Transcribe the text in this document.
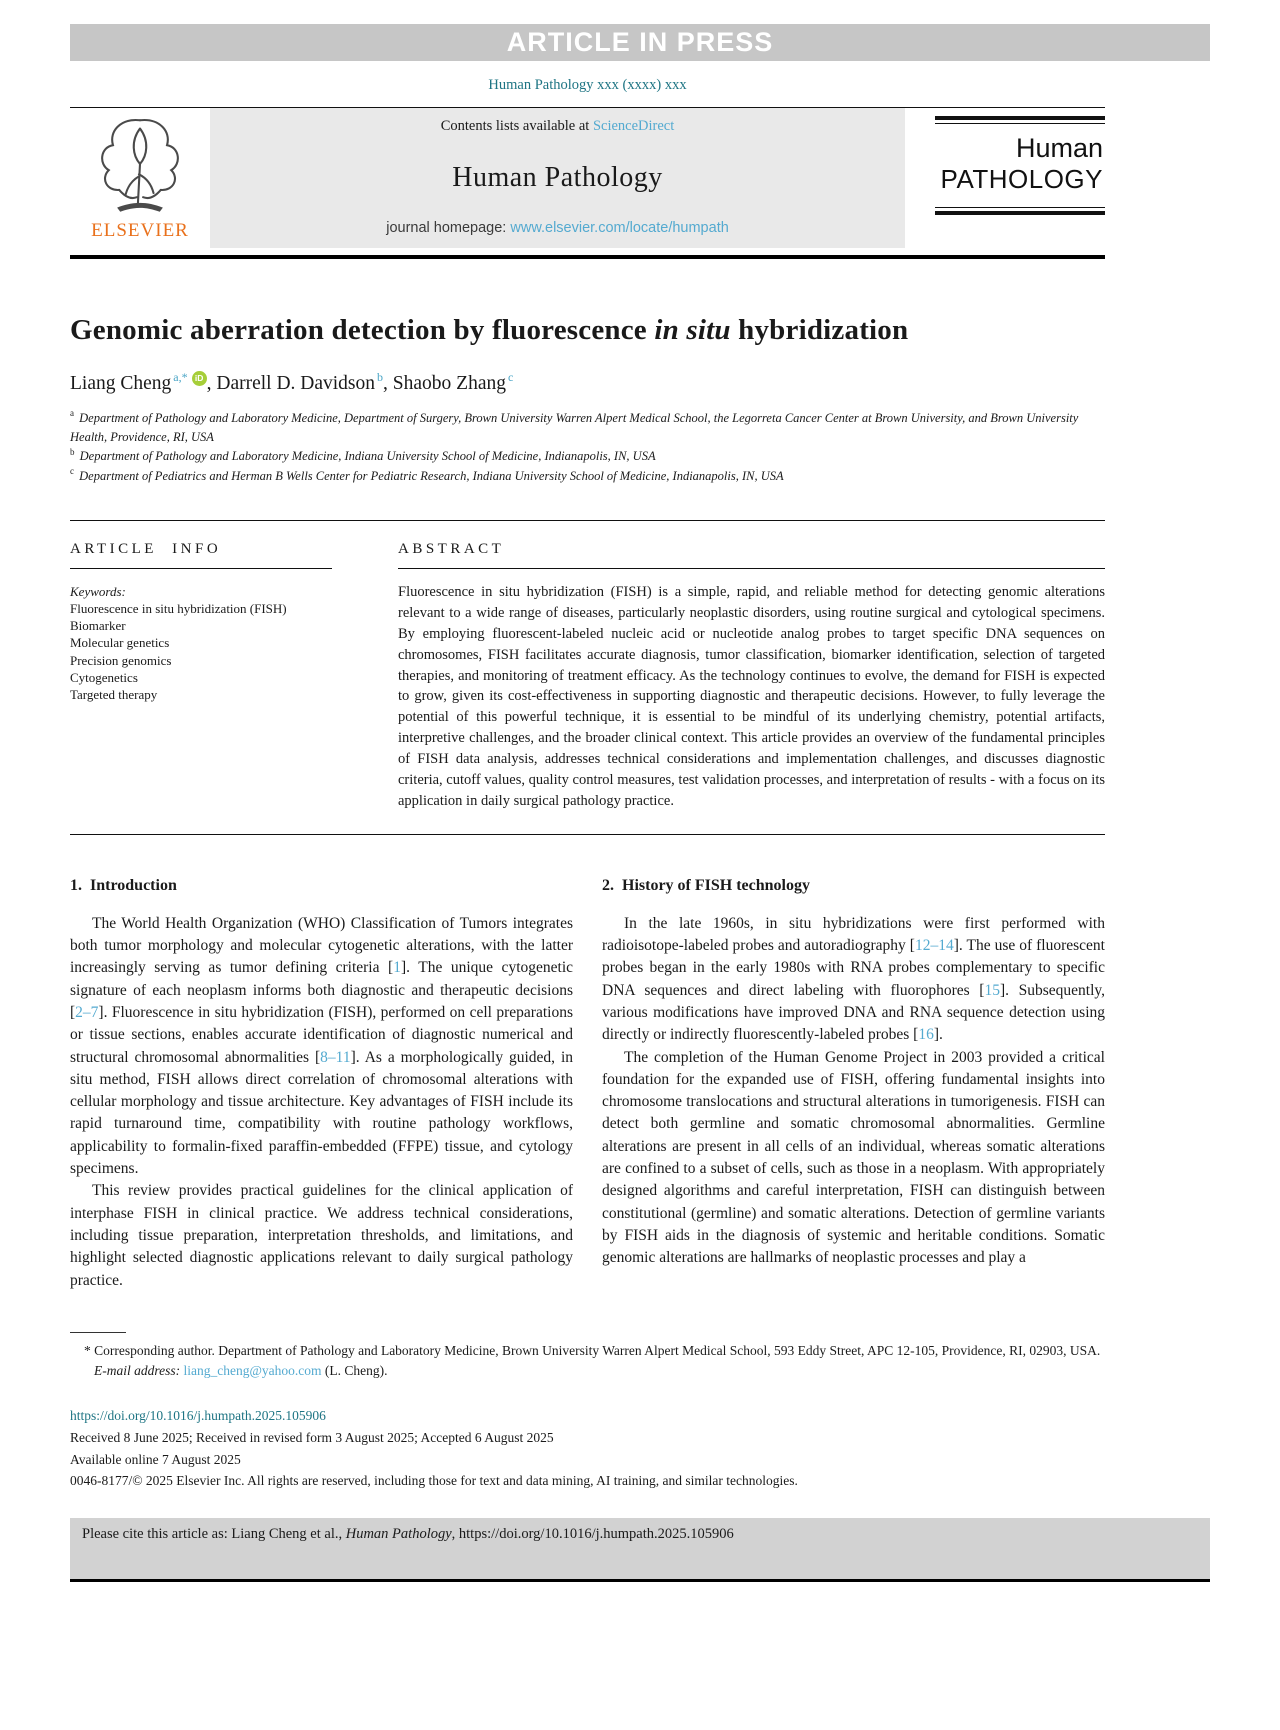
ARTICLE IN PRESS
Human Pathology xxx (xxxx) xxx
ELSEVIER
Contents lists available at ScienceDirect
Human Pathology
journal homepage: www.elsevier.com/locate/humpath
Human
PATHOLOGY
Genomic aberration detection by fluorescence in situ hybridization
Liang Cheng $^{a,*}$ iD , Darrell D. Davidson $^b$, Shaobo Zhang $^c$
$^a$ Department of Pathology and Laboratory Medicine, Department of Surgery, Brown University Warren Alpert Medical School, the Legorreta Cancer Center at Brown University, and Brown University Health, Providence, RI, USA
$^b$ Department of Pathology and Laboratory Medicine, Indiana University School of Medicine, Indianapolis, IN, USA
$^c$ Department of Pediatrics and Herman B Wells Center for Pediatric Research, Indiana University School of Medicine, Indianapolis, IN, USA
ARTICLE INFO
Keywords:
Fluorescence in situ hybridization (FISH)
Biomarker
Molecular genetics
Precision genomics
Cytogenetics
Targeted therapy
ABSTRACT
Fluorescence in situ hybridization (FISH) is a simple, rapid, and reliable method for detecting genomic alterations relevant to a wide range of diseases, particularly neoplastic disorders, using routine surgical and cytological specimens. By employing fluorescent-labeled nucleic acid or nucleotide analog probes to target specific DNA sequences on chromosomes, FISH facilitates accurate diagnosis, tumor classification, biomarker identification, selection of targeted therapies, and monitoring of treatment efficacy. As the technology continues to evolve, the demand for FISH is expected to grow, given its cost-effectiveness in supporting diagnostic and therapeutic decisions. However, to fully leverage the potential of this powerful technique, it is essential to be mindful of its underlying chemistry, potential artifacts, interpretive challenges, and the broader clinical context. This article provides an overview of the fundamental principles of FISH data analysis, addresses technical considerations and implementation challenges, and discusses diagnostic criteria, cutoff values, quality control measures, test validation processes, and interpretation of results - with a focus on its application in daily surgical pathology practice.
1.  Introduction

The World Health Organization (WHO) Classification of Tumors integrates both tumor morphology and molecular cytogenetic alterations, with the latter increasingly serving as tumor defining criteria [1]. The unique cytogenetic signature of each neoplasm informs both diagnostic and therapeutic decisions [2–7]. Fluorescence in situ hybridization (FISH), performed on cell preparations or tissue sections, enables accurate identification of diagnostic numerical and structural chromosomal abnormalities [8–11]. As a morphologically guided, in situ method, FISH allows direct correlation of chromosomal alterations with cellular morphology and tissue architecture. Key advantages of FISH include its rapid turnaround time, compatibility with routine pathology workflows, applicability to formalin-fixed paraffin-embedded (FFPE) tissue, and cytology specimens.

This review provides practical guidelines for the clinical application of interphase FISH in clinical practice. We address technical considerations, including tissue preparation, interpretation thresholds, and limitations, and highlight selected diagnostic applications relevant to daily surgical pathology practice.

2.  History of FISH technology

In the late 1960s, in situ hybridizations were first performed with radioisotope-labeled probes and autoradiography [12–14]. The use of fluorescent probes began in the early 1980s with RNA probes complementary to specific DNA sequences and direct labeling with fluorophores [15]. Subsequently, various modifications have improved DNA and RNA sequence detection using directly or indirectly fluorescently-labeled probes [16].

The completion of the Human Genome Project in 2003 provided a critical foundation for the expanded use of FISH, offering fundamental insights into chromosome translocations and structural alterations in tumorigenesis. FISH can detect both germline and somatic chromosomal abnormalities. Germline alterations are present in all cells of an individual, whereas somatic alterations are confined to a subset of cells, such as those in a neoplasm. With appropriately designed algorithms and careful interpretation, FISH can distinguish between constitutional (germline) and somatic alterations. Detection of germline variants by FISH aids in the diagnosis of systemic and heritable conditions. Somatic genomic alterations are hallmarks of neoplastic processes and play a

* Corresponding author. Department of Pathology and Laboratory Medicine, Brown University Warren Alpert Medical School, 593 Eddy Street, APC 12-105, Providence, RI, 02903, USA.

E-mail address: liang_cheng@yahoo.com (L. Cheng).

https://doi.org/10.1016/j.humpath.2025.105906
Received 8 June 2025; Received in revised form 3 August 2025; Accepted 6 August 2025
Available online 7 August 2025
0046-8177/© 2025 Elsevier Inc. All rights are reserved, including those for text and data mining, AI training, and similar technologies.
Please cite this article as: Liang Cheng et al., Human Pathology, https://doi.org/10.1016/j.humpath.2025.105906
